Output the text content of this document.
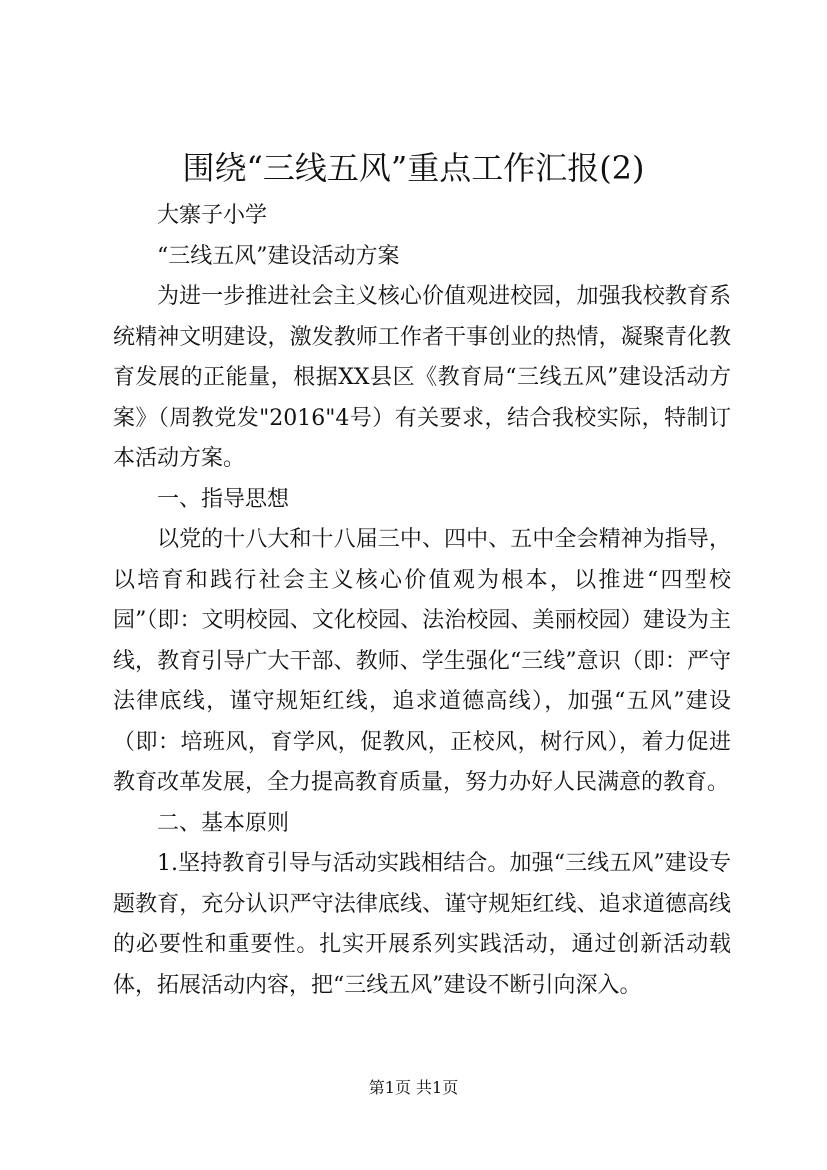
围绕“三线五风”重点工作汇报(2)

大寨子小学

“三线五风”建设活动方案

为进一步推进社会主义核心价值观进校园，加强我校教育系统精神文明建设，激发教师工作者干事创业的热情，凝聚青化教育发展的正能量，根据XX县区《教育局“三线五风”建设活动方案》（周教党发"2016"4号）有关要求，结合我校实际，特制订本活动方案。

一、指导思想

以党的十八大和十八届三中、四中、五中全会精神为指导，以培育和践行社会主义核心价值观为根本，以推进“四型校园”（即：文明校园、文化校园、法治校园、美丽校园）建设为主线，教育引导广大干部、教师、学生强化“三线”意识（即：严守法律底线，谨守规矩红线，追求道德高线），加强“五风”建设（即：培班风，育学风，促教风，正校风，树行风），着力促进教育改革发展，全力提高教育质量，努力办好人民满意的教育。

二、基本原则

1.坚持教育引导与活动实践相结合。加强“三线五风”建设专题教育，充分认识严守法律底线、谨守规矩红线、追求道德高线的必要性和重要性。扎实开展系列实践活动，通过创新活动载体，拓展活动内容，把“三线五风”建设不断引向深入。

第1页 共1页
